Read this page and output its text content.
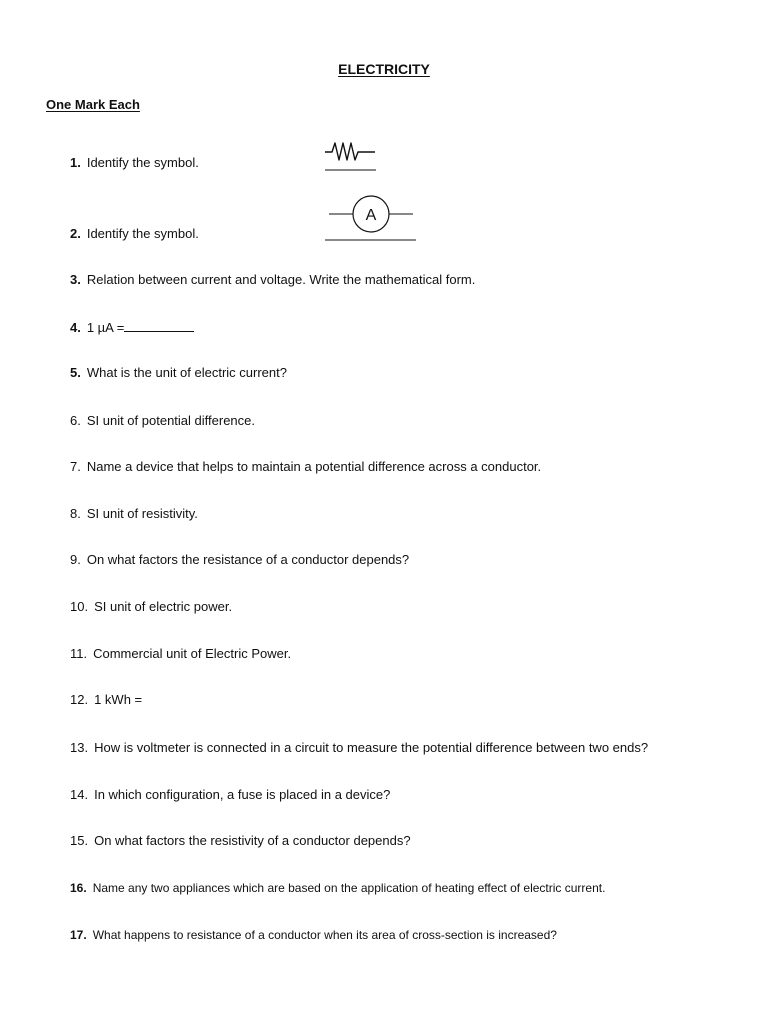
ELECTRICITY
One Mark Each
1. Identify the symbol.
2. Identify the symbol.
A
3. Relation between current and voltage. Write the mathematical form.
4. 1 µA =
5. What is the unit of electric current?
6. SI unit of potential difference.
7. Name a device that helps to maintain a potential difference across a conductor.
8. SI unit of resistivity.
9. On what factors the resistance of a conductor depends?
10. SI unit of electric power.
11. Commercial unit of Electric Power.
12. 1 kWh =
13. How is voltmeter is connected in a circuit to measure the potential difference between two ends?
14. In which configuration, a fuse is placed in a device?
15. On what factors the resistivity of a conductor depends?
16. Name any two appliances which are based on the application of heating effect of electric current.
17. What happens to resistance of a conductor when its area of cross-section is increased?
